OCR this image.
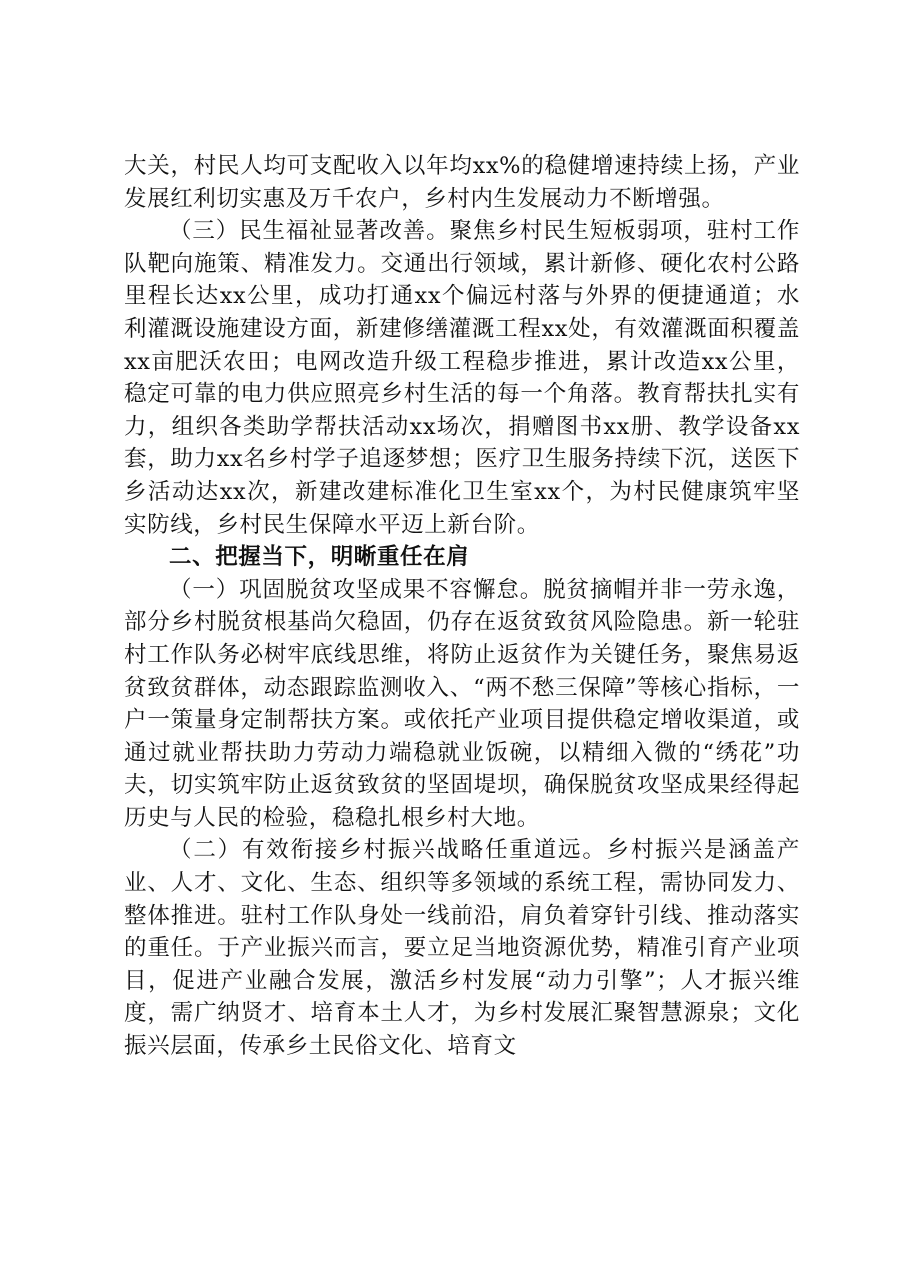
大关，村民人均可支配收入以年均xx%的稳健增速持续上扬，产业发展红利切实惠及万千农户，乡村内生发展动力不断增强。

（三）民生福祉显著改善。聚焦乡村民生短板弱项，驻村工作队靶向施策、精准发力。交通出行领域，累计新修、硬化农村公路里程长达xx公里，成功打通xx个偏远村落与外界的便捷通道；水利灌溉设施建设方面，新建修缮灌溉工程xx处，有效灌溉面积覆盖xx亩肥沃农田；电网改造升级工程稳步推进，累计改造xx公里，稳定可靠的电力供应照亮乡村生活的每一个角落。教育帮扶扎实有力，组织各类助学帮扶活动xx场次，捐赠图书xx册、教学设备xx套，助力xx名乡村学子追逐梦想；医疗卫生服务持续下沉，送医下乡活动达xx次，新建改建标准化卫生室xx个，为村民健康筑牢坚实防线，乡村民生保障水平迈上新台阶。

二、把握当下，明晰重任在肩

（一）巩固脱贫攻坚成果不容懈怠。脱贫摘帽并非一劳永逸，部分乡村脱贫根基尚欠稳固，仍存在返贫致贫风险隐患。新一轮驻村工作队务必树牢底线思维，将防止返贫作为关键任务，聚焦易返贫致贫群体，动态跟踪监测收入、“两不愁三保障”等核心指标，一户一策量身定制帮扶方案。或依托产业项目提供稳定增收渠道，或通过就业帮扶助力劳动力端稳就业饭碗，以精细入微的“绣花”功夫，切实筑牢防止返贫致贫的坚固堤坝，确保脱贫攻坚成果经得起历史与人民的检验，稳稳扎根乡村大地。

（二）有效衔接乡村振兴战略任重道远。乡村振兴是涵盖产业、人才、文化、生态、组织等多领域的系统工程，需协同发力、整体推进。驻村工作队身处一线前沿，肩负着穿针引线、推动落实的重任。于产业振兴而言，要立足当地资源优势，精准引育产业项目，促进产业融合发展，激活乡村发展“动力引擎”；人才振兴维度，需广纳贤才、培育本土人才，为乡村发展汇聚智慧源泉；文化振兴层面，传承乡土民俗文化、培育文
